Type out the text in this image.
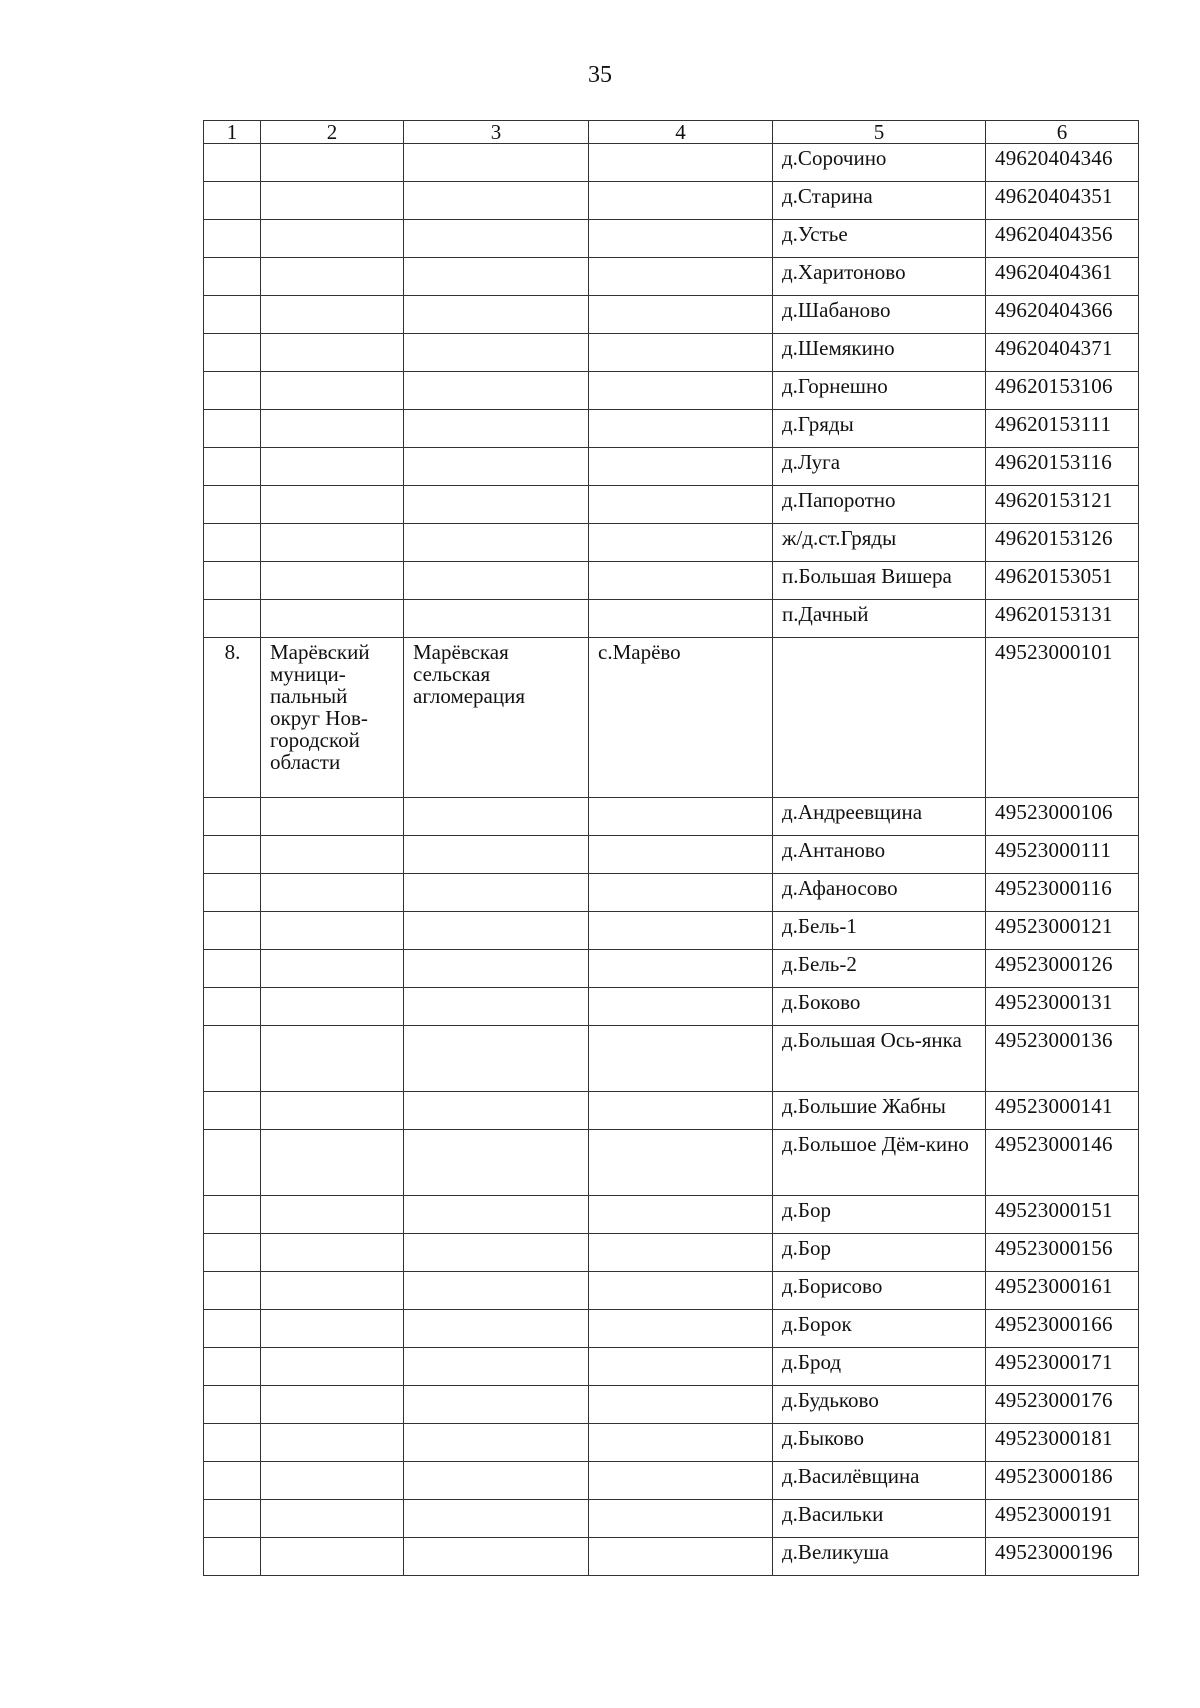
35
1	2	3	4	5	6
				д.Сорочино	49620404346
				д.Старина	49620404351
				д.Устье	49620404356
				д.Харитоново	49620404361
				д.Шабаново	49620404366
				д.Шемякино	49620404371
				д.Горнешно	49620153106
				д.Гряды	49620153111
				д.Луга	49620153116
				д.Папоротно	49620153121
				ж/д.ст.Гряды	49620153126
				п.Большая Вишера	49620153051
				п.Дачный	49620153131
8.	Марёвский муници-пальный округ Нов-городской области	Марёвская сельская агломерация	с.Марёво		49523000101
				д.Андреевщина	49523000106
				д.Антаново	49523000111
				д.Афаносово	49523000116
				д.Бель-1	49523000121
				д.Бель-2	49523000126
				д.Боково	49523000131
				д.Большая Ось-янка	49523000136
				д.Большие Жабны	49523000141
				д.Большое Дём-кино	49523000146
				д.Бор	49523000151
				д.Бор	49523000156
				д.Борисово	49523000161
				д.Борок	49523000166
				д.Брод	49523000171
				д.Будьково	49523000176
				д.Быково	49523000181
				д.Василёвщина	49523000186
				д.Васильки	49523000191
				д.Великуша	49523000196
